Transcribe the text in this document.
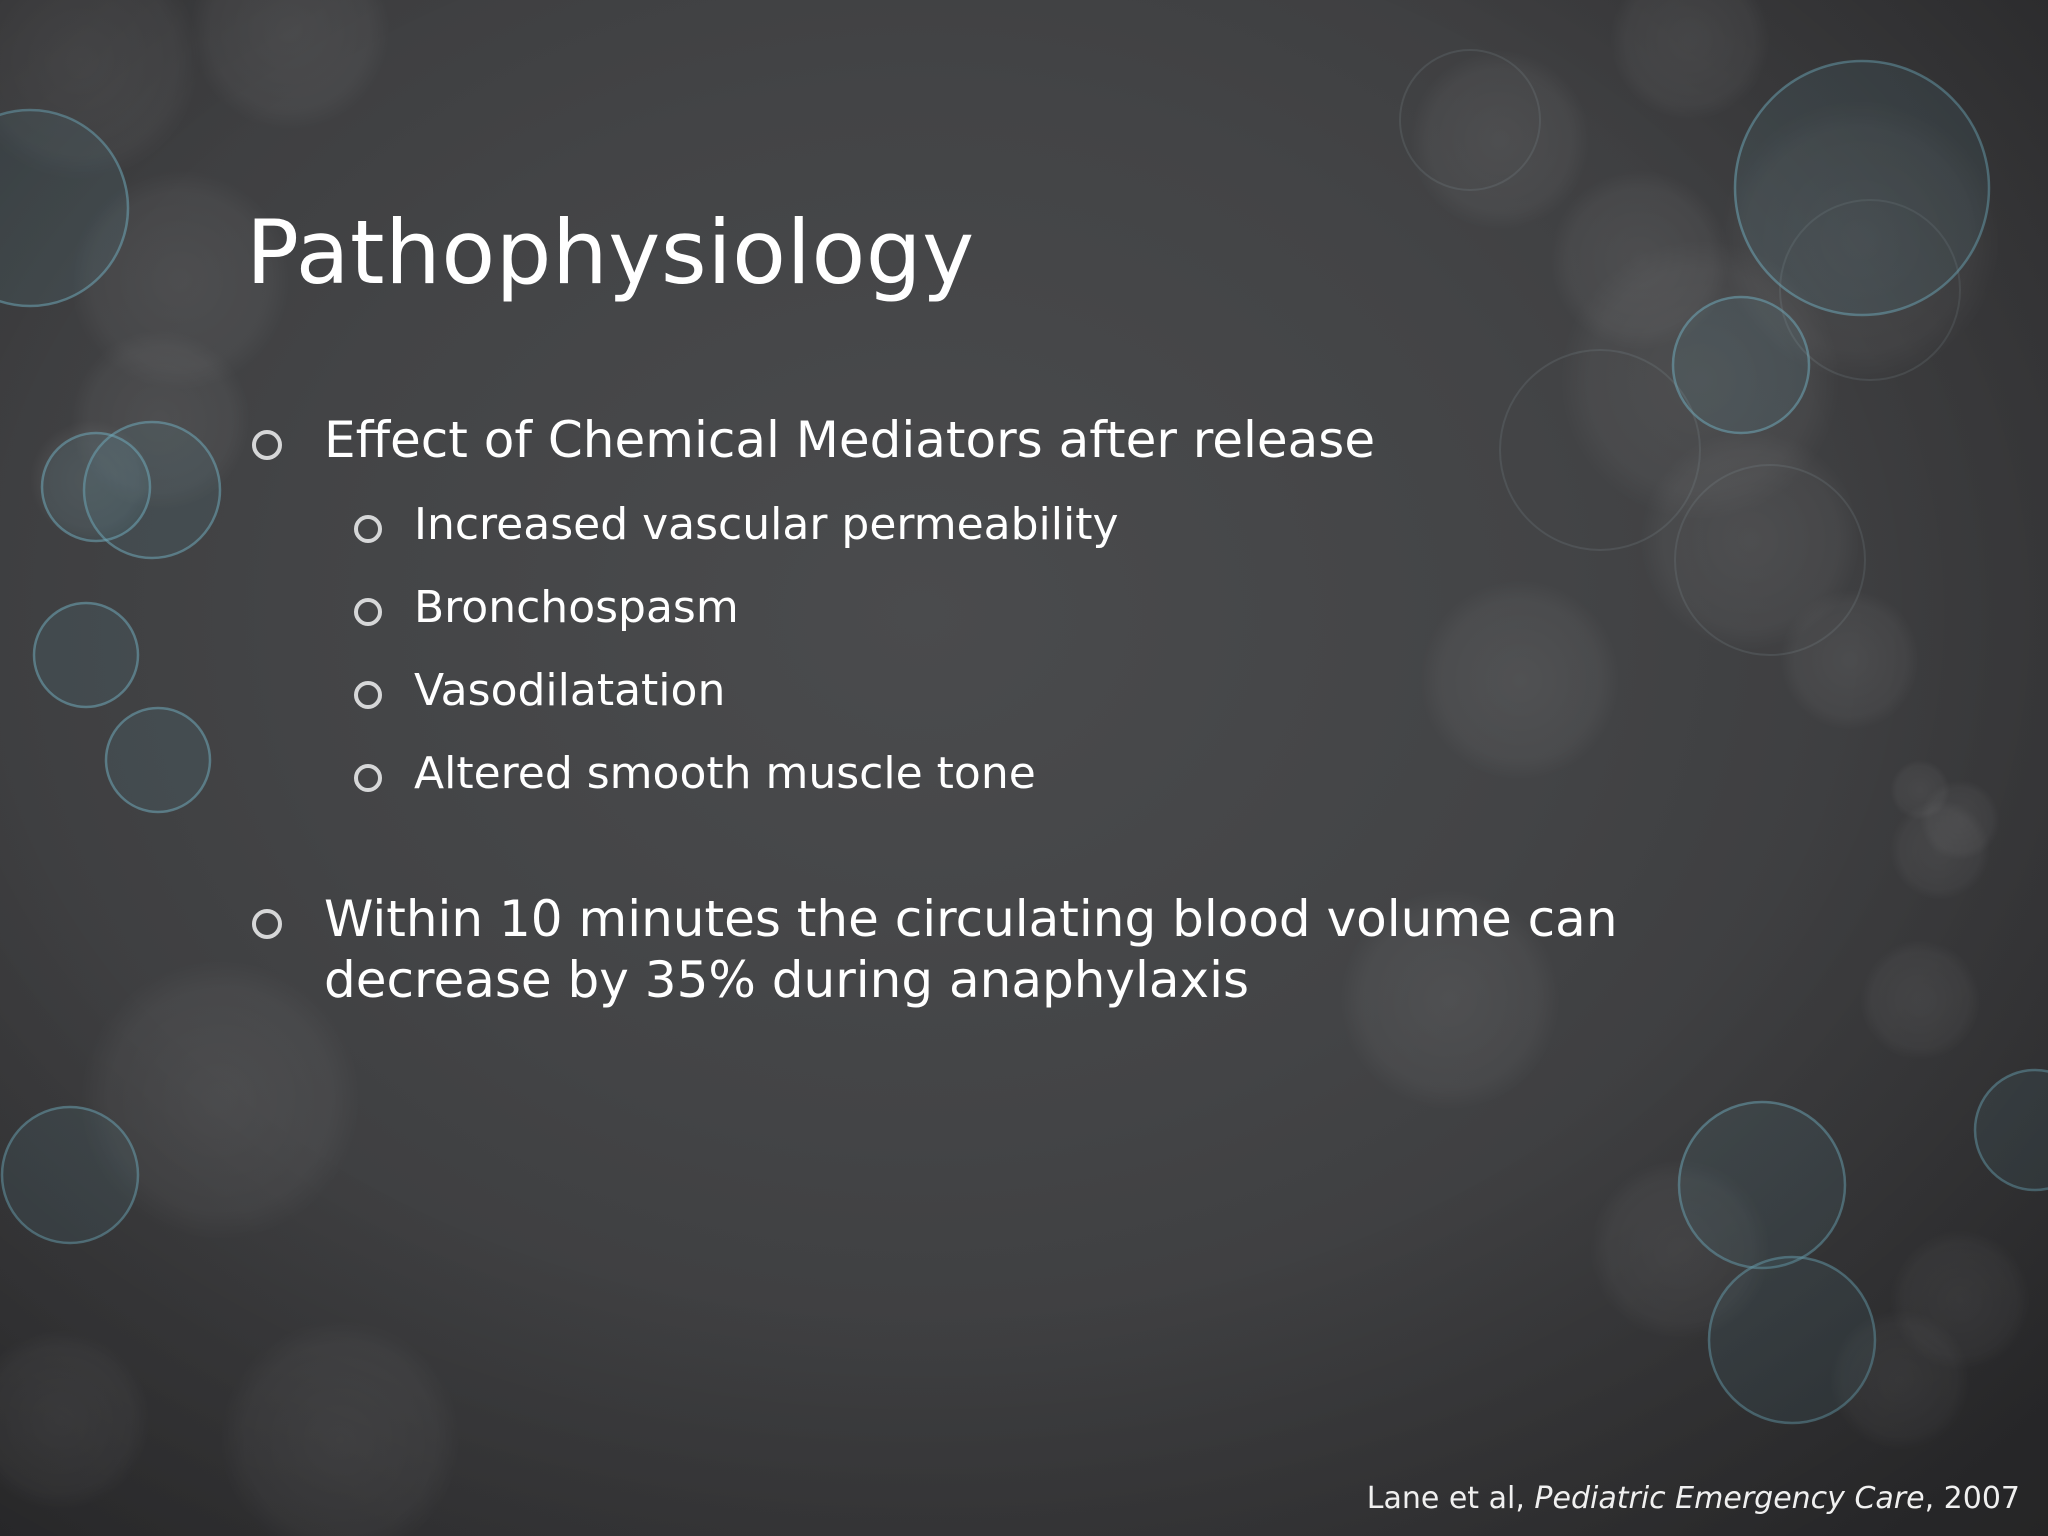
Pathophysiology
Effect of Chemical Mediators after release
Increased vascular permeability
Bronchospasm
Vasodilatation
Altered smooth muscle tone
Within 10 minutes the circulating blood volume can decrease by 35% during anaphylaxis
Lane et al, Pediatric Emergency Care, 2007
